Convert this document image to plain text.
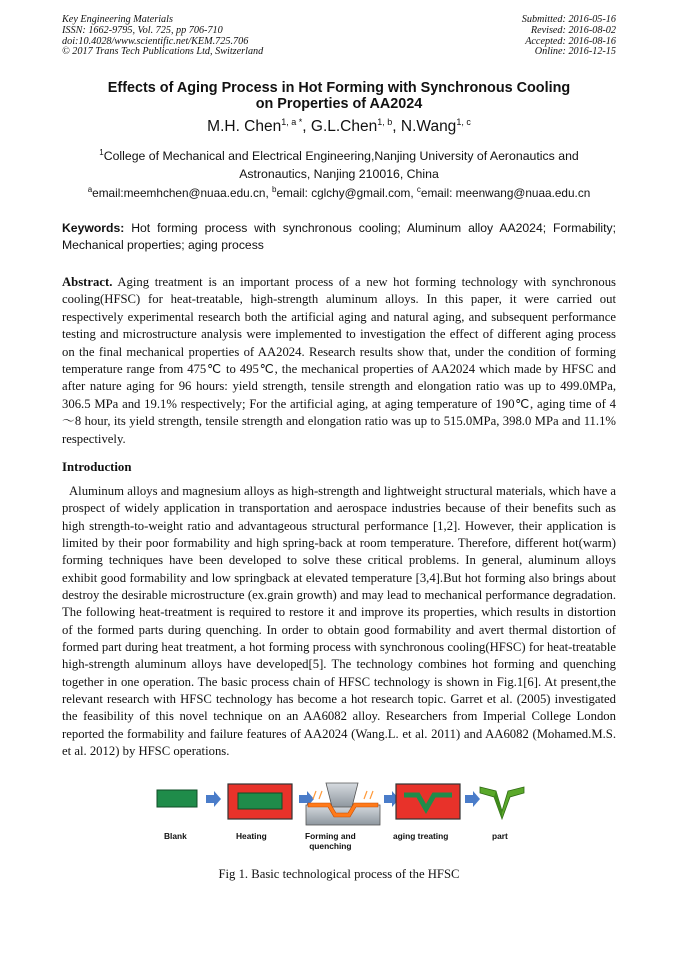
Key Engineering Materials
ISSN: 1662-9795, Vol. 725, pp 706-710
doi:10.4028/www.scientific.net/KEM.725.706
© 2017 Trans Tech Publications Ltd, Switzerland
Submitted: 2016-05-16
Revised: 2016-08-02
Accepted: 2016-08-16
Online: 2016-12-15
Effects of Aging Process in Hot Forming with Synchronous Cooling
on Properties of AA2024
M.H. Chen$^{1, a *}$, G.L.Chen$^{1, b}$, N.Wang$^{1, c}$
$^1$College of Mechanical and Electrical Engineering,Nanjing University of Aeronautics and
Astronautics, Nanjing 210016, China
$^a$email:meemhchen@nuaa.edu.cn, $^b$email: cglchy@gmail.com, $^c$email: meenwang@nuaa.edu.cn
Keywords: Hot forming process with synchronous cooling; Aluminum alloy AA2024; Formability; Mechanical properties; aging process
Abstract. Aging treatment is an important process of a new hot forming technology with synchronous cooling(HFSC) for heat-treatable, high-strength aluminum alloys. In this paper, it were carried out respectively experimental research both the artificial aging and natural aging, and subsequent performance testing and microstructure analysis were implemented to investigation the effect of different aging process on the final mechanical properties of AA2024. Research results show that, under the condition of forming temperature range from 475℃ to 495℃, the mechanical properties of AA2024 which made by HFSC and after nature aging for 96 hours: yield strength, tensile strength and elongation ratio was up to 499.0MPa, 306.5 MPa and 19.1% respectively; For the artificial aging, at aging temperature of 190℃, aging time of 4～8 hour, its yield strength, tensile strength and elongation ratio was up to 515.0MPa, 398.0 MPa and 11.1% respectively.
Introduction
Aluminum alloys and magnesium alloys as high-strength and lightweight structural materials, which have a prospect of widely application in transportation and aerospace industries because of their benefits such as high strength-to-weight ratio and advantageous structural performance [1,2]. However, their application is limited by their poor formability and high spring-back at room temperature. Therefore, different hot(warm) forming techniques have been developed to solve these critical problems. In general, aluminum alloys exhibit good formability and low springback at elevated temperature [3,4].But hot forming also brings about destroy the desirable microstructure (ex.grain growth) and may lead to mechanical performance degradation. The following heat-treatment is required to restore it and improve its properties, which results in distortion of the formed parts during quenching. In order to obtain good formability and avert thermal distortion of formed part during heat treatment, a hot forming process with synchronous cooling(HFSC) for heat-treatable high-strength aluminum alloys have developed[5]. The technology combines hot forming and quenching together in one operation. The basic process chain of HFSC technology is shown in Fig.1[6]. At present,the relevant research with HFSC technology has become a hot research topic. Garret et al. (2005) investigated the feasibility of this novel technique on an AA6082 alloy. Researchers from Imperial College London reported the formability and failure features of AA2024 (Wang.L. et al. 2011) and AA6082 (Mohamed.M.S. et al. 2012) by HFSC operations.
Blank	Heating	Forming and
quenching
aging treating	part
Fig 1. Basic technological process of the HFSC
